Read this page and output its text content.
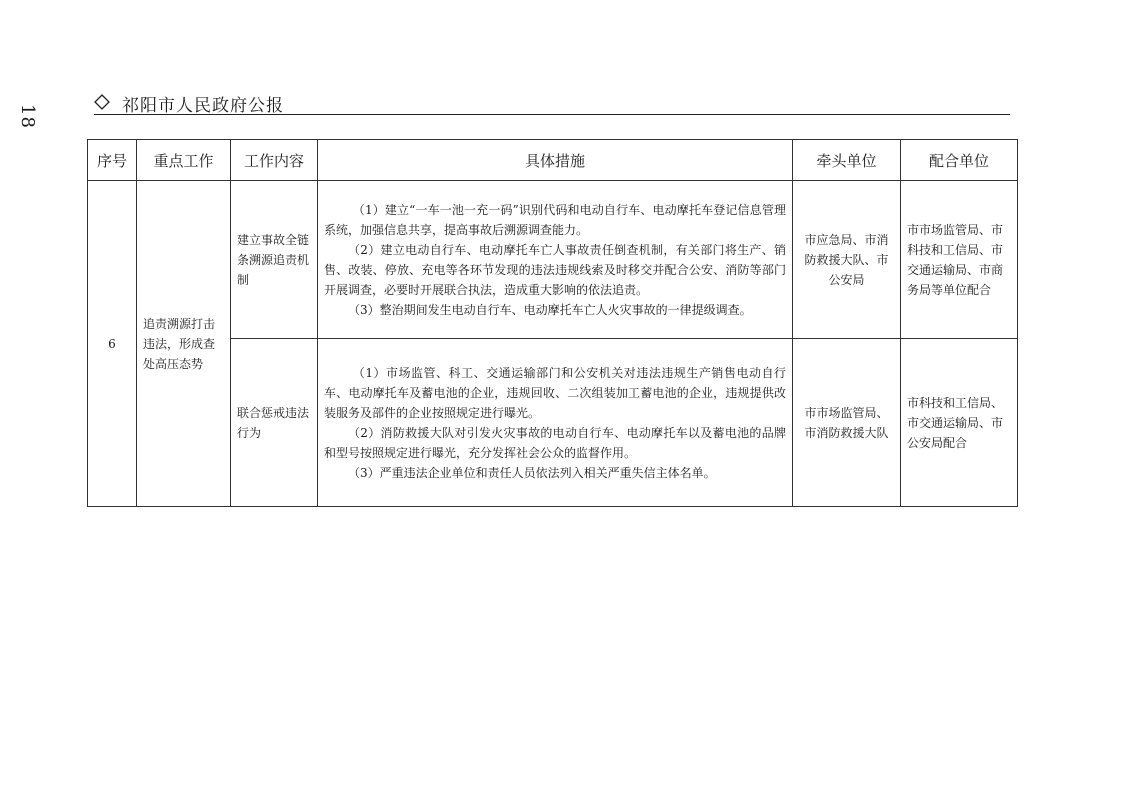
18	祁阳市人民政府公报
序号	重点工作	工作内容	具体措施	牵头单位	配合单位
6	追责溯源打击违法，形成查处高压态势	建立事故全链条溯源追责机制	（1）建立“一车一池一充一码”识别代码和电动自行车、电动摩托车登记信息管理系统，加强信息共享，提高事故后溯源调查能力。

（2）建立电动自行车、电动摩托车亡人事故责任倒查机制，有关部门将生产、销售、改装、停放、充电等各环节发现的违法违规线索及时移交并配合公安、消防等部门开展调查，必要时开展联合执法，造成重大影响的依法追责。

（3）整治期间发生电动自行车、电动摩托车亡人火灾事故的一律提级调查。	市应急局、市消防救援大队、市公安局	市市场监管局、市科技和工信局、市交通运输局、市商务局等单位配合
		联合惩戒违法行为	（1）市场监管、科工、交通运输部门和公安机关对违法违规生产销售电动自行车、电动摩托车及蓄电池的企业，违规回收、二次组装加工蓄电池的企业，违规提供改装服务及部件的企业按照规定进行曝光。

（2）消防救援大队对引发火灾事故的电动自行车、电动摩托车以及蓄电池的品牌和型号按照规定进行曝光，充分发挥社会公众的监督作用。

（3）严重违法企业单位和责任人员依法列入相关严重失信主体名单。	市市场监管局、市消防救援大队	市科技和工信局、市交通运输局、市公安局配合
